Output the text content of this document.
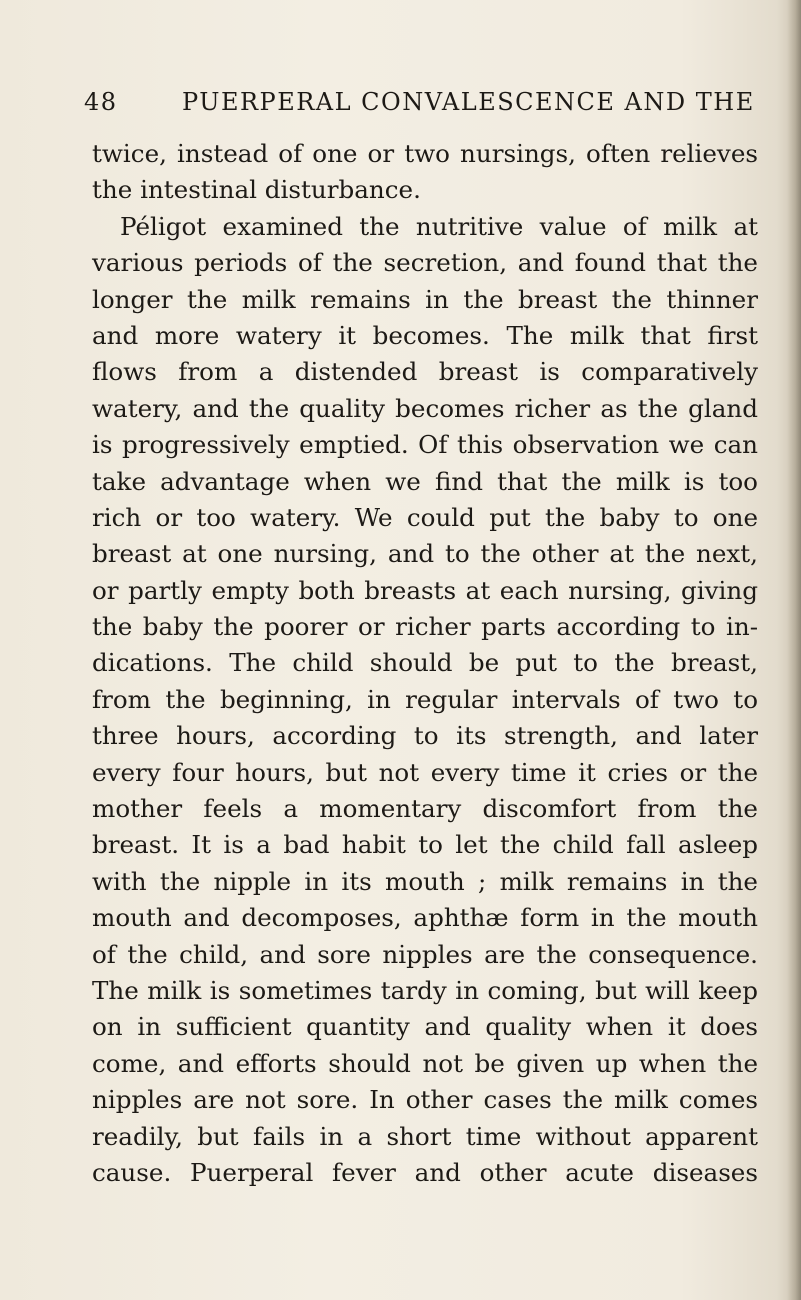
48	PUERPERAL CONVALESCENCE AND THE
twice, instead of one or two nursings, often relieves
the intestinal disturbance.
Péligot examined the nutritive value of milk at
various periods of the secretion, and found that the
longer the milk remains in the breast the thinner
and more watery it becomes. The milk that first
flows from a distended breast is comparatively
watery, and the quality becomes richer as the gland
is progressively emptied. Of this observation we can
take advantage when we find that the milk is too
rich or too watery. We could put the baby to one
breast at one nursing, and to the other at the next,
or partly empty both breasts at each nursing, giving
the baby the poorer or richer parts according to in-
dications. The child should be put to the breast,
from the beginning, in regular intervals of two to
three hours, according to its strength, and later
every four hours, but not every time it cries or the
mother feels a momentary discomfort from the
breast. It is a bad habit to let the child fall asleep
with the nipple in its mouth ; milk remains in the
mouth and decomposes, aphthæ form in the mouth
of the child, and sore nipples are the consequence.
The milk is sometimes tardy in coming, but will keep
on in sufficient quantity and quality when it does
come, and efforts should not be given up when the
nipples are not sore. In other cases the milk comes
readily, but fails in a short time without apparent
cause. Puerperal fever and other acute diseases
